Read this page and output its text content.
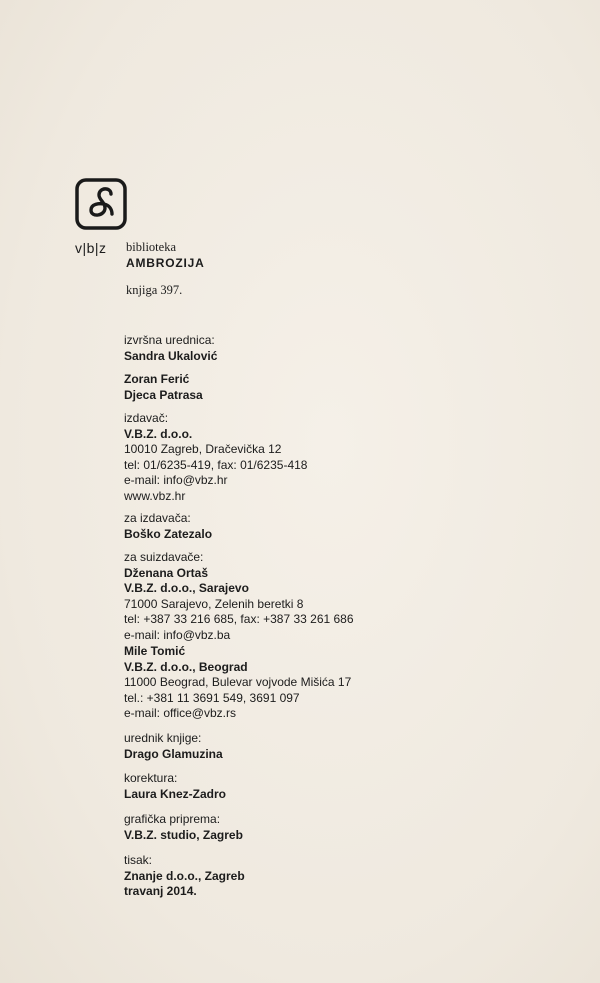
v|b|z biblioteka
AMBROZIJA
knjiga 397.
izvršna urednica:
Sandra Ukalović
Zoran Ferić
Djeca Patrasa
izdavač:
V.B.Z. d.o.o.
10010 Zagreb, Dračevička 12
tel: 01/6235-419, fax: 01/6235-418
e-mail: info@vbz.hr
www.vbz.hr
za izdavača:
Boško Zatezalo
za suizdavače:
Dženana Ortaš
V.B.Z. d.o.o., Sarajevo
71000 Sarajevo, Zelenih beretki 8
tel: +387 33 216 685, fax: +387 33 261 686
e-mail: info@vbz.ba
Mile Tomić
V.B.Z. d.o.o., Beograd
11000 Beograd, Bulevar vojvode Mišića 17
tel.: +381 11 3691 549, 3691 097
e-mail: office@vbz.rs
urednik knjige:
Drago Glamuzina
korektura:
Laura Knez-Zadro
grafička priprema:
V.B.Z. studio, Zagreb
tisak:
Znanje d.o.o., Zagreb
travanj 2014.
